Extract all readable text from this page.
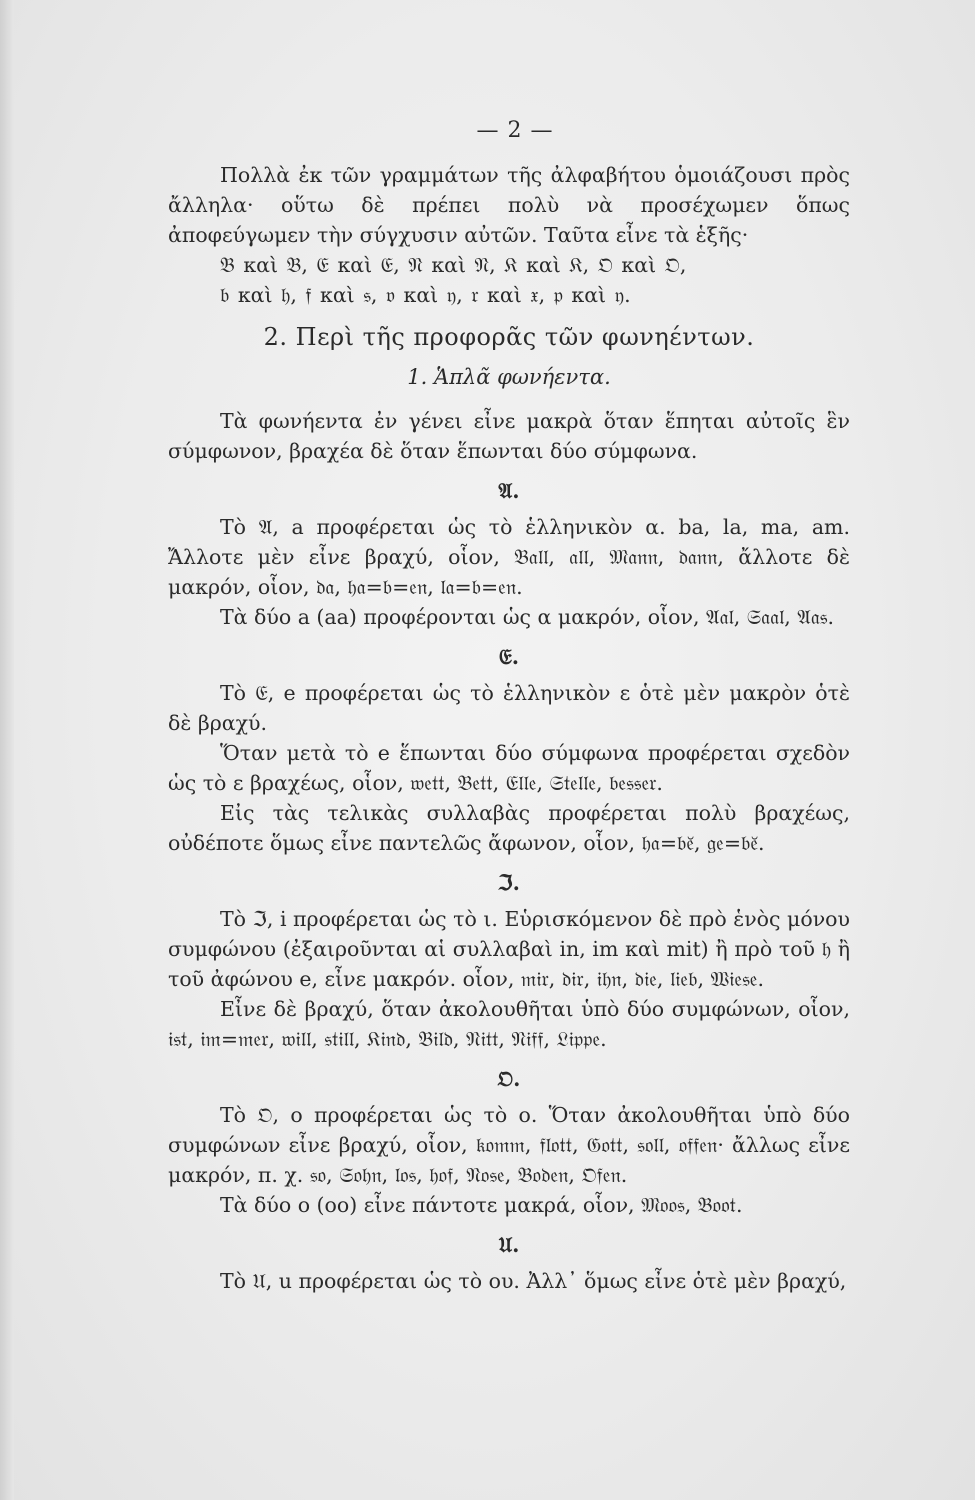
— 2 —

Πολλὰ ἐκ τῶν γραμμάτων τῆς ἀλφαβήτου ὁμοιάζουσι πρὸς ἄλληλα· οὕτω δὲ πρέπει πολὺ νὰ προσέχωμεν ὅπως ἀποφεύγωμεν τὴν σύγχυσιν αὐτῶν. Ταῦτα εἶνε τὰ ἑξῆς·

𝔅 καὶ 𝔅, 𝔈 καὶ 𝔈, 𝔑 καὶ 𝔑, 𝔎 καὶ 𝔎, 𝔒 καὶ 𝔒,

𝔟 καὶ 𝔥, 𝔣 καὶ 𝔰, 𝔳 καὶ 𝔶, 𝔯 καὶ 𝔵, 𝔭 καὶ 𝔶.

2. Περὶ τῆς προφορᾶς τῶν φωνηέντων.
1. Ἁπλᾶ φωνήεντα.

Τὰ φωνήεντα ἐν γένει εἶνε μακρὰ ὅταν ἕπηται αὐτοῖς ἓν σύμφωνον, βραχέα δὲ ὅταν ἕπωνται δύο σύμφωνα.

𝔄.

Τὸ 𝔄, a προφέρεται ὡς τὸ ἑλληνικὸν α. ba, la, ma, am. Ἄλλοτε μὲν εἶνε βραχύ, οἷον, 𝔅𝔞𝔩𝔩, 𝔞𝔩𝔩, 𝔐𝔞𝔫𝔫, 𝔡𝔞𝔫𝔫, ἄλλοτε δὲ μακρόν, οἷον, 𝔡𝔞, 𝔥𝔞=𝔟=𝔢𝔫, 𝔩𝔞=𝔟=𝔢𝔫.

Τὰ δύο a (aa) προφέρονται ὡς α μακρόν, οἷον, 𝔄𝔞𝔩, 𝔖𝔞𝔞𝔩, 𝔄𝔞𝔰.

𝔈.

Τὸ 𝔈, e προφέρεται ὡς τὸ ἑλληνικὸν ε ὁτὲ μὲν μακρὸν ὁτὲ δὲ βραχύ.

Ὅταν μετὰ τὸ e ἕπωνται δύο σύμφωνα προφέρεται σχεδὸν ὡς τὸ ε βραχέως, οἷον, 𝔴𝔢𝔱𝔱, 𝔅𝔢𝔱𝔱, 𝔈𝔩𝔩𝔢, 𝔖𝔱𝔢𝔩𝔩𝔢, 𝔟𝔢𝔰𝔰𝔢𝔯.

Εἰς τὰς τελικὰς συλλαβὰς προφέρεται πολὺ βραχέως, οὐδέποτε ὅμως εἶνε παντελῶς ἄφωνον, οἷον, 𝔥𝔞=𝔟𝔢̆, 𝔤𝔢=𝔟𝔢̆.

ℑ.

Τὸ ℑ, i προφέρεται ὡς τὸ ι. Εὑρισκόμενον δὲ πρὸ ἑνὸς μόνου συμφώνου (ἐξαιροῦνται αἱ συλλαβαὶ in, im καὶ mit) ἢ πρὸ τοῦ 𝔥 ἢ τοῦ ἀφώνου e, εἶνε μακρόν. οἷον, 𝔪𝔦𝔯, 𝔡𝔦𝔯, 𝔦𝔥𝔫, 𝔡𝔦𝔢, 𝔩𝔦𝔢𝔟, 𝔚𝔦𝔢𝔰𝔢.

Εἶνε δὲ βραχύ, ὅταν ἀκολουθῆται ὑπὸ δύο συμφώνων, οἷον, 𝔦𝔰𝔱, 𝔦𝔪=𝔪𝔢𝔯, 𝔴𝔦𝔩𝔩, 𝔰𝔱𝔦𝔩𝔩, 𝔎𝔦𝔫𝔡, 𝔅𝔦𝔩𝔡, 𝔑𝔦𝔱𝔱, 𝔑𝔦𝔣𝔣, 𝔏𝔦𝔭𝔭𝔢.

𝔒.

Τὸ 𝔒, o προφέρεται ὡς τὸ ο. Ὅταν ἀκολουθῆται ὑπὸ δύο συμφώνων εἶνε βραχύ, οἷον, 𝔨𝔬𝔪𝔪, 𝔣𝔩𝔬𝔱𝔱, 𝔊𝔬𝔱𝔱, 𝔰𝔬𝔩𝔩, 𝔬𝔣𝔣𝔢𝔫· ἄλλως εἶνε μακρόν, π. χ. 𝔰𝔬, 𝔖𝔬𝔥𝔫, 𝔩𝔬𝔰, 𝔥𝔬𝔣, 𝔑𝔬𝔰𝔢, 𝔅𝔬𝔡𝔢𝔫, 𝔒𝔣𝔢𝔫.

Τὰ δύο o (oo) εἶνε πάντοτε μακρά, οἷον, 𝔐𝔬𝔬𝔰, 𝔅𝔬𝔬𝔱.

𝔘.

Τὸ 𝔘, u προφέρεται ὡς τὸ ου. Ἀλλ᾽ ὅμως εἶνε ὁτὲ μὲν βραχύ,
